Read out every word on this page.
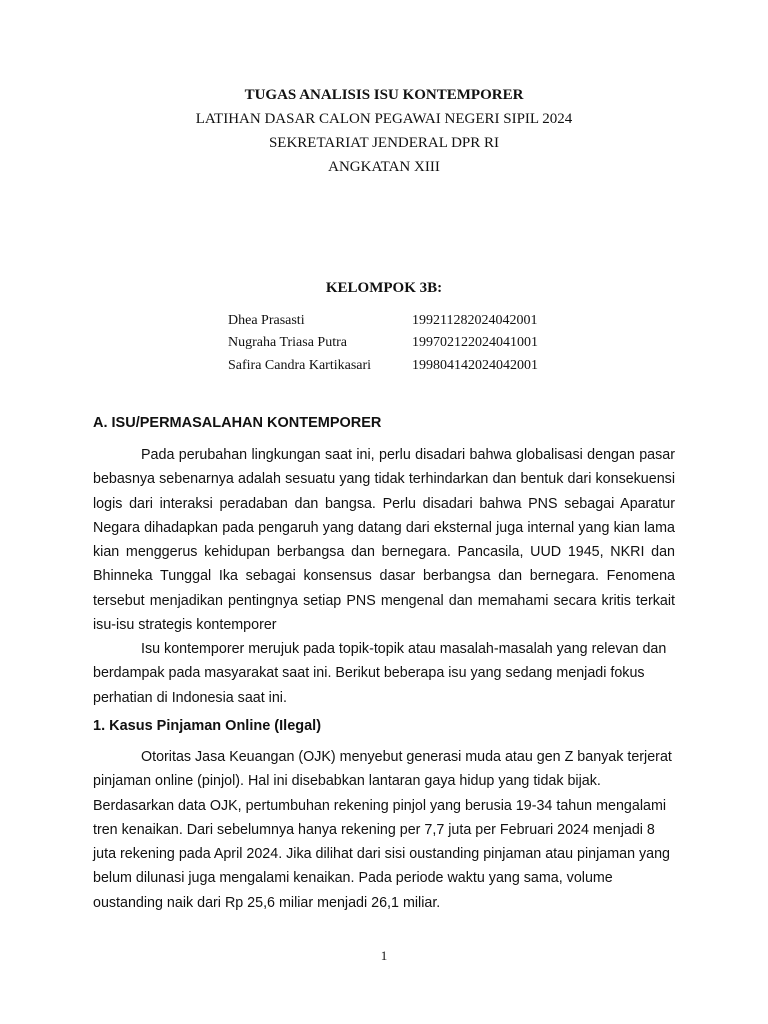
TUGAS ANALISIS ISU KONTEMPORER
LATIHAN DASAR CALON PEGAWAI NEGERI SIPIL 2024
SEKRETARIAT JENDERAL DPR RI
ANGKATAN XIII
KELOMPOK 3B:
Dhea Prasasti	199211282024042001
Nugraha Triasa Putra	199702122024041001
Safira Candra Kartikasari	199804142024042001
A. ISU/PERMASALAHAN KONTEMPORER

Pada perubahan lingkungan saat ini, perlu disadari bahwa globalisasi dengan pasar bebasnya sebenarnya adalah sesuatu yang tidak terhindarkan dan bentuk dari konsekuensi logis dari interaksi peradaban dan bangsa. Perlu disadari bahwa PNS sebagai Aparatur Negara dihadapkan pada pengaruh yang datang dari eksternal juga internal yang kian lama kian menggerus kehidupan berbangsa dan bernegara. Pancasila, UUD 1945, NKRI dan Bhinneka Tunggal Ika sebagai konsensus dasar berbangsa dan bernegara. Fenomena tersebut menjadikan pentingnya setiap PNS mengenal dan memahami secara kritis terkait isu-isu strategis kontemporer

Isu kontemporer merujuk pada topik-topik atau masalah-masalah yang relevan dan berdampak pada masyarakat saat ini. Berikut beberapa isu yang sedang menjadi fokus perhatian di Indonesia saat ini.

1. Kasus Pinjaman Online (Ilegal)

Otoritas Jasa Keuangan (OJK) menyebut generasi muda atau gen Z banyak terjerat pinjaman online (pinjol). Hal ini disebabkan lantaran gaya hidup yang tidak bijak. Berdasarkan data OJK, pertumbuhan rekening pinjol yang berusia 19-34 tahun mengalami tren kenaikan. Dari sebelumnya hanya rekening per 7,7 juta per Februari 2024 menjadi 8 juta rekening pada April 2024. Jika dilihat dari sisi oustanding pinjaman atau pinjaman yang belum dilunasi juga mengalami kenaikan. Pada periode waktu yang sama, volume oustanding naik dari Rp 25,6 miliar menjadi 26,1 miliar.

1
